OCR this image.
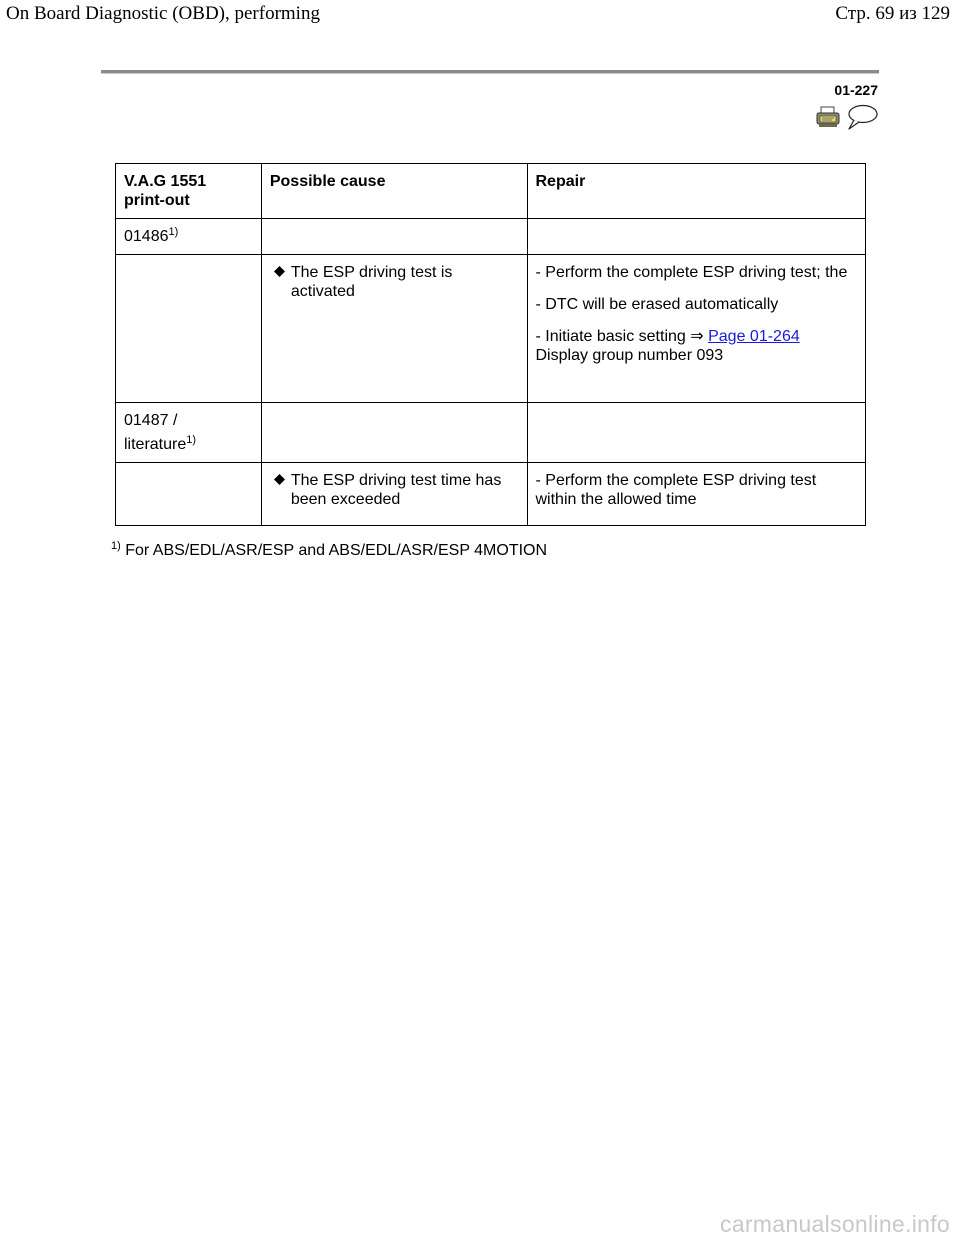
On Board Diagnostic (OBD), performing	Стр. 69 из 129
01-227
V.A.G 1551
print-out	Possible cause	Repair
01486$^{1)}$		

	The ESP driving test is activated	- Perform the complete ESP driving test; the
- DTC will be erased automatically
- Initiate basic setting ⇒ Page 01-264
Display group number 093

01487 /
literature$^{1)}$

	The ESP driving test time has been exceeded	- Perform the complete ESP driving test within the allowed time
$^{1)}$ For ABS/EDL/ASR/ESP and ABS/EDL/ASR/ESP 4MOTION
carmanualsonline.info
